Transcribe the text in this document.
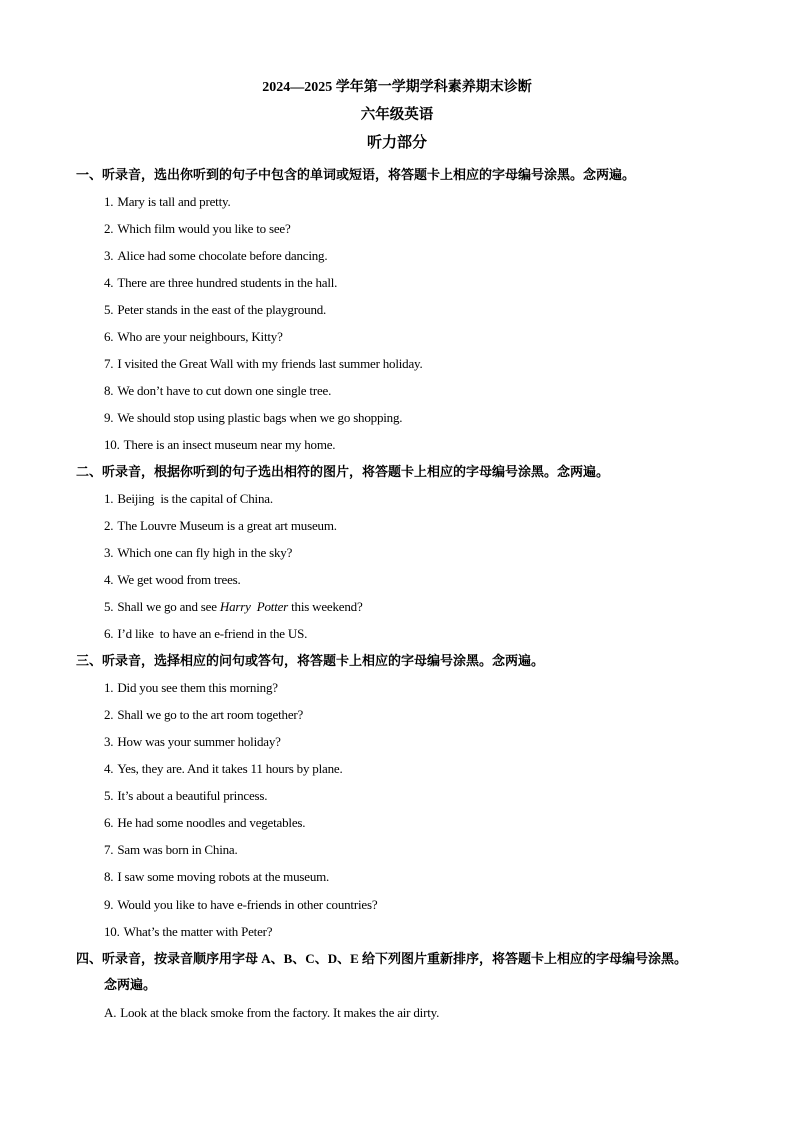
2024—2025 学年第一学期学科素养期末诊断
六年级英语
听力部分
一、听录音，选出你听到的句子中包含的单词或短语，将答题卡上相应的字母编号涂黑。念两遍。
1. Mary is tall and pretty.
2. Which film would you like to see?
3. Alice had some chocolate before dancing.
4. There are three hundred students in the hall.
5. Peter stands in the east of the playground.
6. Who are your neighbours, Kitty?
7. I visited the Great Wall with my friends last summer holiday.
8. We don’t have to cut down one single tree.
9. We should stop using plastic bags when we go shopping.
10. There is an insect museum near my home.
二、听录音，根据你听到的句子选出相符的图片，将答题卡上相应的字母编号涂黑。念两遍。
1. Beijing  is the capital of China.
2. The Louvre Museum is a great art museum.
3. Which one can fly high in the sky?
4. We get wood from trees.
5. Shall we go and see Harry  Potter this weekend?
6. I’d like  to have an e-friend in the US.
三、听录音，选择相应的问句或答句，将答题卡上相应的字母编号涂黑。念两遍。
1. Did you see them this morning?
2. Shall we go to the art room together?
3. How was your summer holiday?
4. Yes, they are. And it takes 11 hours by plane.
5. It’s about a beautiful princess.
6. He had some noodles and vegetables.
7. Sam was born in China.
8. I saw some moving robots at the museum.
9. Would you like to have e-friends in other countries?
10. What’s the matter with Peter?
四、听录音，按录音顺序用字母 A、B、C、D、E 给下列图片重新排序，将答题卡上相应的字母编号涂黑。
念两遍。
A. Look at the black smoke from the factory. It makes the air dirty.
